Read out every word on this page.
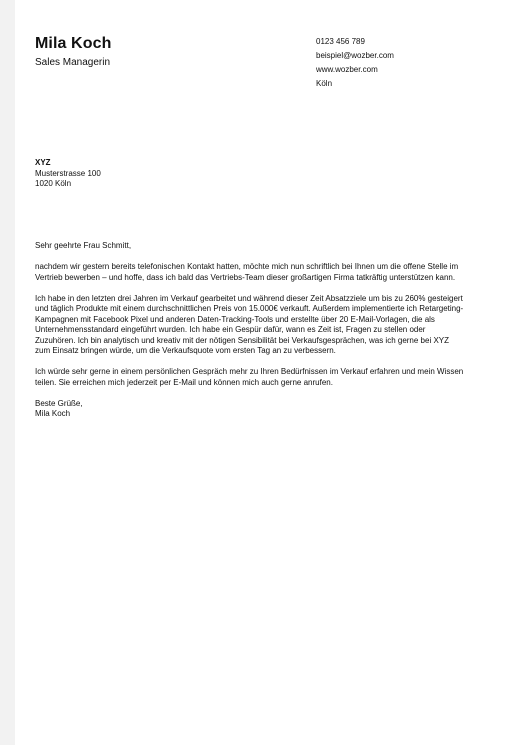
Mila Koch
Sales Managerin
0123 456 789
beispiel@wozber.com
www.wozber.com
Köln
XYZ
Musterstrasse 100
1020 Köln

Sehr geehrte Frau Schmitt,

nachdem wir gestern bereits telefonischen Kontakt hatten, möchte mich nun schriftlich bei Ihnen um die offene Stelle im Vertrieb bewerben – und hoffe, dass ich bald das Vertriebs-Team dieser großartigen Firma tatkräftig unterstützen kann.

Ich habe in den letzten drei Jahren im Verkauf gearbeitet und während dieser Zeit Absatzziele um bis zu 260% gesteigert und täglich Produkte mit einem durchschnittlichen Preis von 15.000€ verkauft. Außerdem implementierte ich Retargeting-Kampagnen mit Facebook Pixel und anderen Daten-Tracking-Tools und erstellte über 20 E-Mail-Vorlagen, die als Unternehmensstandard eingeführt wurden. Ich habe ein Gespür dafür, wann es Zeit ist, Fragen zu stellen oder Zuzuhören. Ich bin analytisch und kreativ mit der nötigen Sensibilität bei Verkaufsgesprächen, was ich gerne bei XYZ zum Einsatz bringen würde, um die Verkaufsquote vom ersten Tag an zu verbessern.

Ich würde sehr gerne in einem persönlichen Gespräch mehr zu Ihren Bedürfnissen im Verkauf erfahren und mein Wissen teilen. Sie erreichen mich jederzeit per E-Mail und können mich auch gerne anrufen.

Beste Grüße,
Mila Koch
